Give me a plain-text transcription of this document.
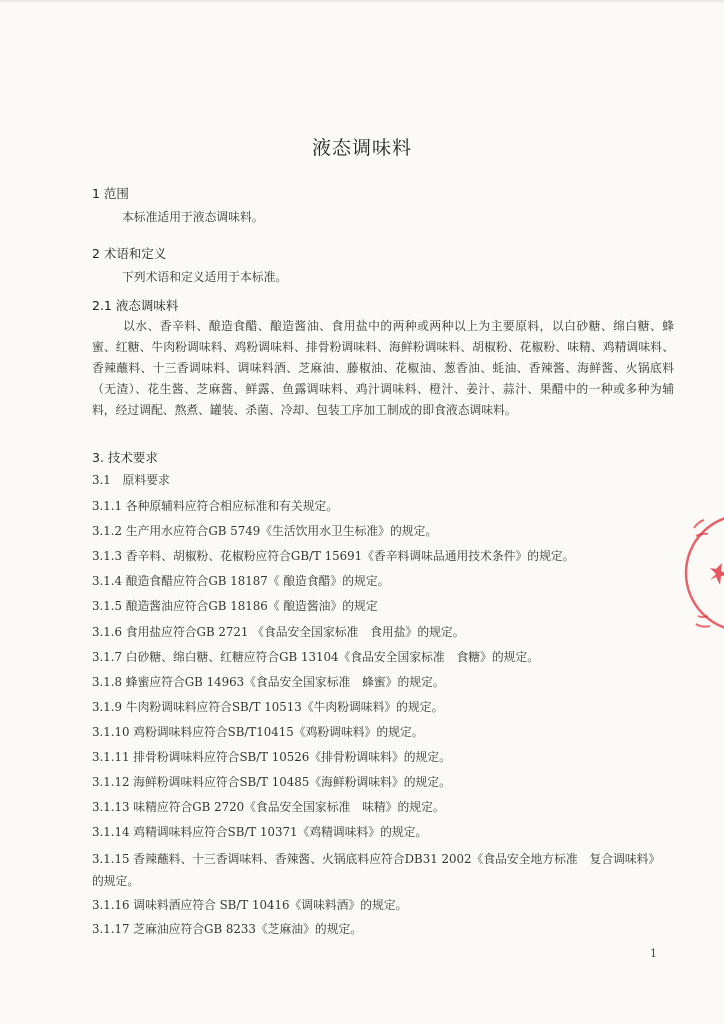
液态调味料
1 范围
本标准适用于液态调味料。
2 术语和定义
下列术语和定义适用于本标准。
2.1 液态调味料
以水、香辛料、酿造食醋、酿造酱油、食用盐中的两种或两种以上为主要原料，以白砂糖、绵白糖、蜂蜜、红糖、牛肉粉调味料、鸡粉调味料、排骨粉调味料、海鲜粉调味料、胡椒粉、花椒粉、味精、鸡精调味料、香辣蘸料、十三香调味料、调味料酒、芝麻油、藤椒油、花椒油、葱香油、蚝油、香辣酱、海鲜酱、火锅底料（无渣）、花生酱、芝麻酱、鲜露、鱼露调味料、鸡汁调味料、橙汁、姜汁、蒜汁、果醋中的一种或多种为辅料，经过调配、熬煮、罐装、杀菌、冷却、包装工序加工制成的即食液态调味料。
3. 技术要求
3.1　原料要求
3.1.1 各种原辅料应符合相应标准和有关规定。
3.1.2 生产用水应符合GB 5749《生活饮用水卫生标准》的规定。
3.1.3 香辛料、胡椒粉、花椒粉应符合GB/T 15691《香辛料调味品通用技术条件》的规定。
3.1.4 酿造食醋应符合GB 18187《 酿造食醋》的规定。
3.1.5 酿造酱油应符合GB 18186《 酿造酱油》的规定
3.1.6 食用盐应符合GB 2721 《食品安全国家标准　食用盐》的规定。
3.1.7 白砂糖、绵白糖、红糖应符合GB 13104《食品安全国家标准　食糖》的规定。
3.1.8 蜂蜜应符合GB 14963《食品安全国家标准　蜂蜜》的规定。
3.1.9 牛肉粉调味料应符合SB/T 10513《牛肉粉调味料》的规定。
3.1.10 鸡粉调味料应符合SB/T10415《鸡粉调味料》的规定。
3.1.11 排骨粉调味料应符合SB/T 10526《排骨粉调味料》的规定。
3.1.12 海鲜粉调味料应符合SB/T 10485《海鲜粉调味料》的规定。
3.1.13 味精应符合GB 2720《食品安全国家标准　味精》的规定。
3.1.14 鸡精调味料应符合SB/T 10371《鸡精调味料》的规定。
3.1.15 香辣蘸料、十三香调味料、香辣酱、火锅底料应符合DB31 2002《食品安全地方标准　复合调味料》的规定。
3.1.16 调味料酒应符合 SB/T 10416《调味料酒》的规定。
3.1.17 芝麻油应符合GB 8233《芝麻油》的规定。
1
